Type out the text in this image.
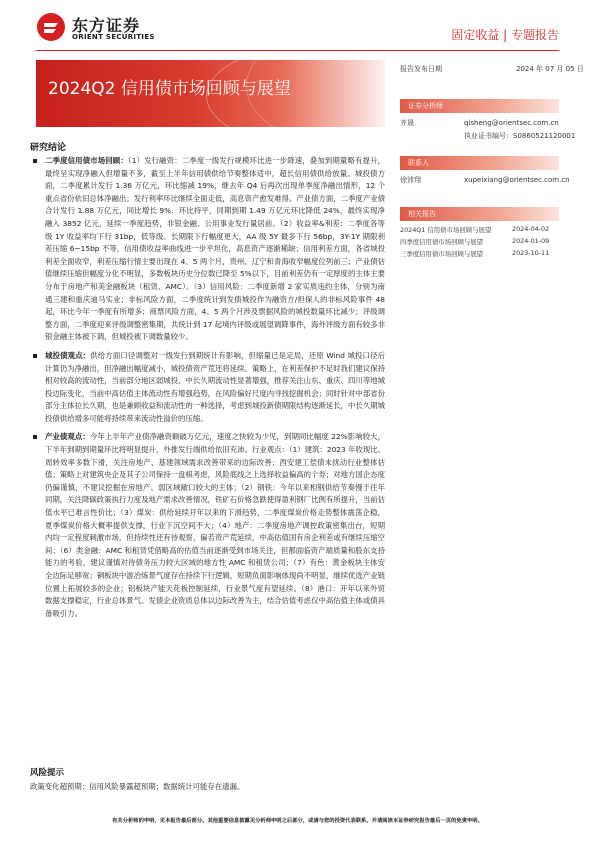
东方证券
ORIENT SECURITIES	固定收益 | 专题报告
2024Q2 信用债市场回顾与展望
报告发布日期	2024 年 07 月 05 日
证券分析师
齐晟	qisheng@orientsec.com.cn
执业证书编号：S0860521120001
联系人
徐沛翔	xupeixiang@orientsec.com.cn
相关报告
2024Q1 信用债市场回顾与展望	2024-04-02
四季度信用债市场回顾与展望	2024-01-09
三季度信用债市场回顾与展望	2023-10-11
研究结论
二季度信用债市场回顾：（1）发行融资：二季度一级发行规模环比进一步降速，叠加到期量略有提升，最终呈实现净融入但增量不多，截至上半年信用债供给节奏整体适中，超长信用债供给放量。城投债方面，二季度累计发行 1.36 万亿元，环比缩减 19%，继去年 Q4 后再次出现单季度净融出情形，12 个重点省份依旧总体净融出；发行利率环比继续全面走低，高息资产愈发难得。产业债方面，二季度产业债合计发行 1.88 万亿元，同比增长 9%、环比持平，同期到期 1.49 万亿元环比降低 24%，最终实现净融入 3852 亿元，延续一季度趋势，非银金融、公用事业发行量居前。（2）收益率&利差：二季度各等级 1Y 收益率均下行 31bp，低等级、长期限下行幅度更大，AA 级 5Y 最多下行 56bp，3Y-1Y 期限利差压缩 6~15bp 不等，信用债收益率曲线进一步平坦化，高息资产逐渐稀缺；信用利差方面，各省城投利差全面收窄，利差压缩行情主要出现在 4、5 两个月，贵州、辽宁和青海收窄幅度位列前三；产业债估值继续压缩但幅度分化不明显，多数板块历史分位数已降至 5%以下，目前利差仍有一定厚度的主体主要分布于房地产和美金融板块（租赁、AMC）。（3）信用风险：二季度新增 2 家实质违约主体，分别为南通三建和重庆迪马实业；非标风险方面，二季度统计到发债城投作为融资方/担保人的非标风险事件 48 起，环比今年一季度有所增多；商票风险方面，4、5 两个月涉及票据风险的城投数量环比减少；评级调整方面，二季度迎来评级调整密集期，共统计到 17 起境内评级或展望调降事件，海外评级方面有较多非银金融主体被下调，但城投被下调数量较少。
城投债观点：供给方面口径调整对一级发行到期统计有影响，但缩量已是定局，还原 Wind 城投口径后计算仍为净融出，但净融出幅度减小，城投债资产荒还将延续。策略上，在利差保护不足时我们建议保持相对较高的流动性，当前部分地区弱城投、中长久期流动性显著增强，推荐关注山东、重庆、四川等地城投边际变化，当前中高估值主体流动性有增强趋势，在风险偏好尺度内寻找挖掘机会；同时针对中部省份部分主体拉长久期，也是兼顾收益和流动性的一种选择，考虑到城投新债期限结构逐渐延长，中长久期城投债供给增多可能将持续带来流动性溢价的压缩。
产业债观点：今年上半年产业债净融资额破万亿元，速度之快较为少见，到期同比幅度 22%影响较大，下半年到期到期量环比将明显提升，外推发行端供给依旧充沛。行业观点：（1）建筑：2023 年收现比、周转效率多数下滑，关注房地产、基建领域需求改善带来的边际改善；西安建工偿债未扰动行业整体估值；策略上对建筑央企及其子公司保持一盘棋考虑，风险底线之上选择收益偏高的个券；对地方国企态度仍偏谨慎，不建议挖掘在房地产、弱区域敞口较大的主体；（2）钢铁：今年以来相钢供给节奏慢于往年同期，关注降碳政策执行力度及地产需求改善情况，铁矿石价格急跌使得盈利钢厂比例有所提升，当前估值水平已难言性价比；（3）煤炭：供给延续开年以来的下滑趋势，二季度煤炭价格走势整体震荡企稳，夏季煤炭价格大概率提供支撑，行业下沉空间不大；（4）地产：二季度房地产调控政策密集出台，短期内均一定程度刺激市场，但持续性还有待观察，偏若资产荒延续，中高估值国有房企利差或有继续压缩空间；（6）类金融：AMC 和租赁凭借略高的估值当前逐渐受到市场关注，但都面临资产端质量和股东支持能力的考验，建议谨慎对待债务压力较大区域的地方性 AMC 和租赁公司；（7）有色：黄金板块主体安全边际足够宽；铜板块中游冶炼景气度存在持续下行逻辑，短期负面影响体现尚不明显，继续优选产业链位置上拓展较多的企业；铝板块产能天花板控制延续，行业景气度有望延续。（8）港口：开年以来外贸数据支撑稳定，行业总体景气。发债企业资质总体以边际改善为主，结合估值考虑仅中高估值主体或债具备吸引力。
风险提示
政策变化超预期；信用风险暴露超预期；数据统计可能存在遗漏。
有关分析师的申明，见本报告最后部分。其他重要信息披露见分析师申明之后部分，或请与您的投资代表联系。并请阅读本证券研究报告最后一页的免责申明。
